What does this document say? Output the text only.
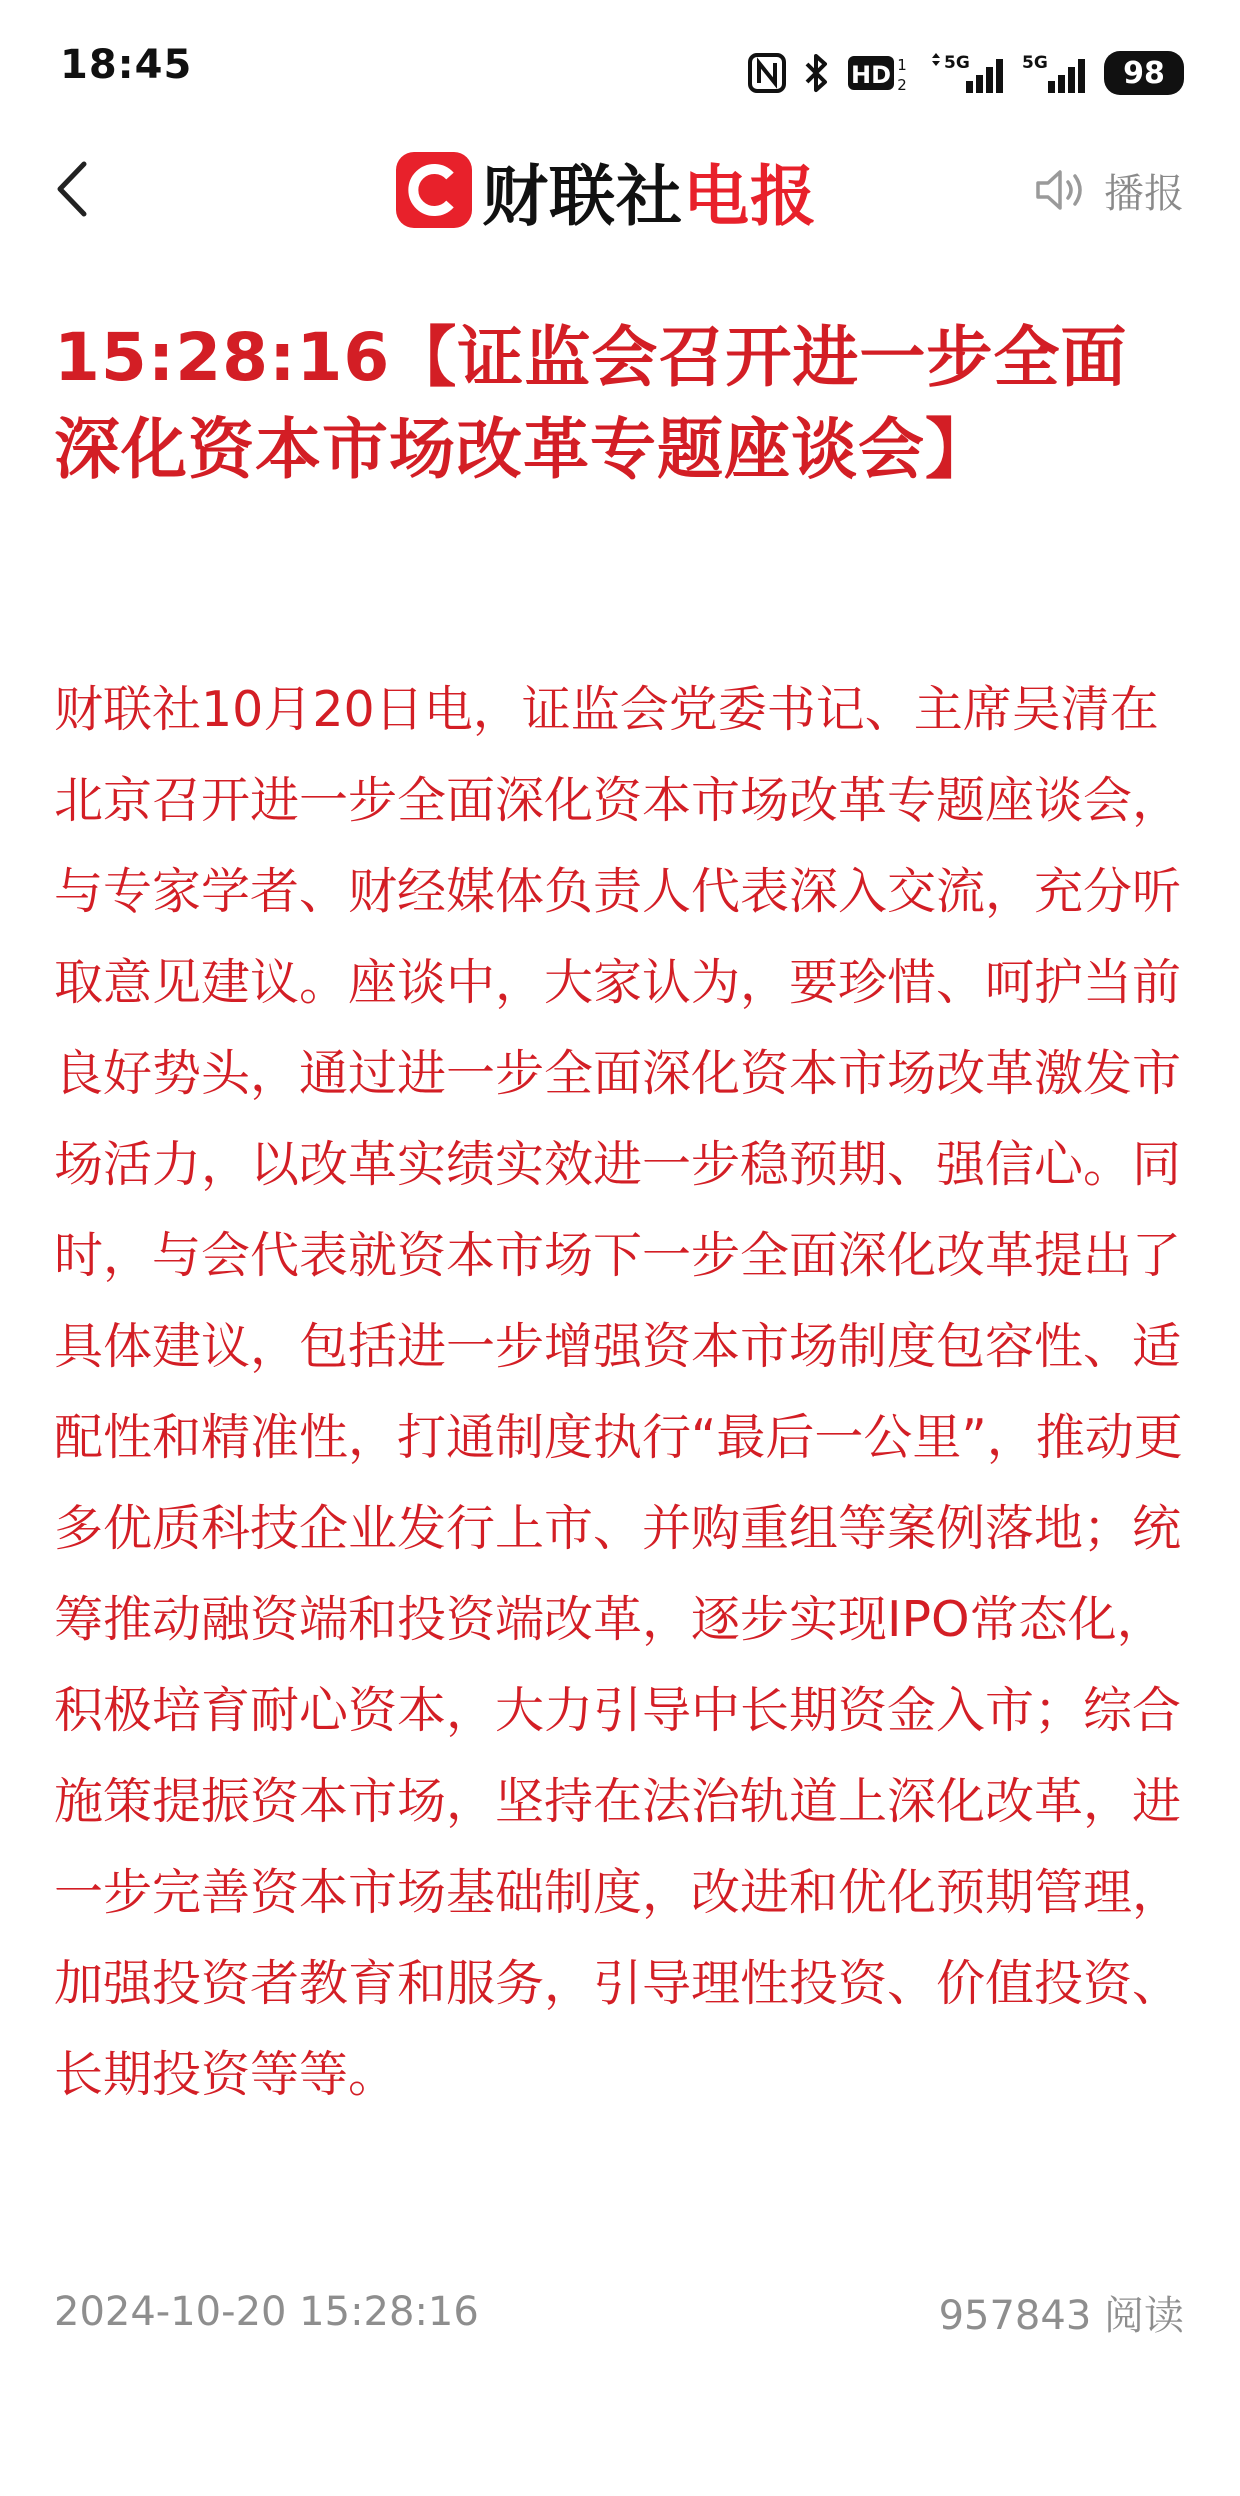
18:45	HD 1
2
5G	5G	98
财联社电报	播报
15:28:16【证监会召开进一步全面深化资本市场改革专题座谈会】

财联社10月20日电，证监会党委书记、主席吴清在北京召开进一步全面深化资本市场改革专题座谈会，与专家学者、财经媒体负责人代表深入交流，充分听取意见建议。座谈中，大家认为，要珍惜、呵护当前良好势头，通过进一步全面深化资本市场改革激发市场活力，以改革实绩实效进一步稳预期、强信心。同时，与会代表就资本市场下一步全面深化改革提出了具体建议，包括进一步增强资本市场制度包容性、适配性和精准性，打通制度执行“最后一公里”，推动更多优质科技企业发行上市、并购重组等案例落地；统筹推动融资端和投资端改革，逐步实现IPO常态化，积极培育耐心资本，大力引导中长期资金入市；综合施策提振资本市场，坚持在法治轨道上深化改革，进一步完善资本市场基础制度，改进和优化预期管理，加强投资者教育和服务，引导理性投资、价值投资、长期投资等等。

2024-10-20 15:28:16	957843 阅读
